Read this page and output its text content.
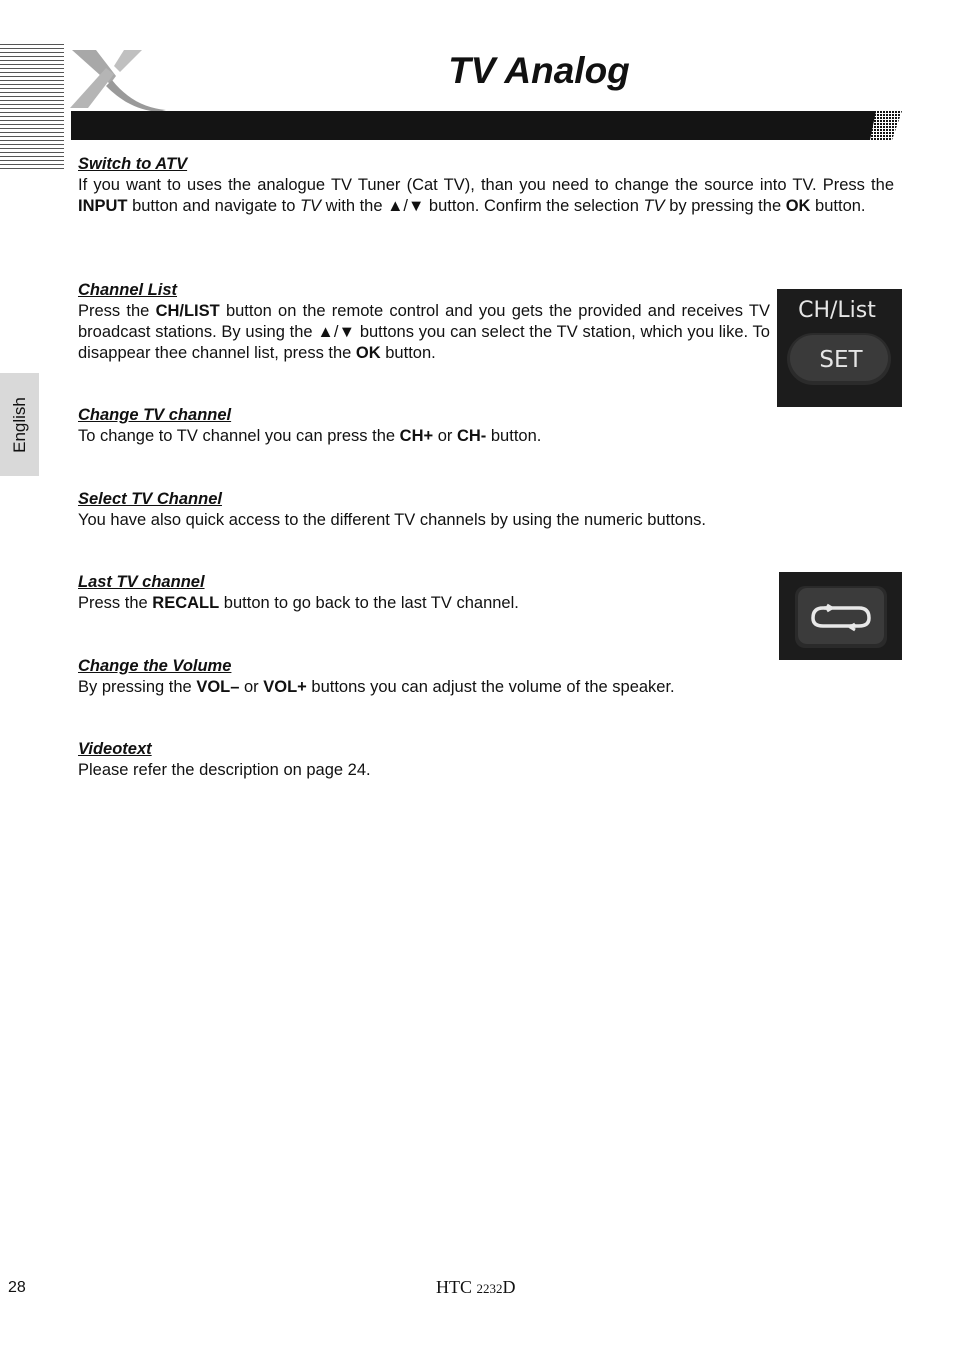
TV Analog
English

Switch to ATV

If you want to uses the analogue TV Tuner (Cat TV), than you need to change the source into TV. Press the INPUT button and navigate to TV with the ▲/▼ button. Confirm the selection TV by pressing the OK button.

Channel List

Press the CH/LIST button on the remote control and you gets the provided and receives TV broadcast stations. By using the ▲/▼ buttons you can select the TV station, which you like. To disappear thee channel list, press the OK button.

CH/List
SET

Change TV channel

To change to TV channel you can press the CH+ or CH- button.

Select TV Channel

You have also quick access to the different TV channels by using the numeric buttons.

Last TV channel

Press the RECALL button to go back to the last TV channel.

Change the Volume

By pressing the VOL– or VOL+ buttons you can adjust the volume of the speaker.

Videotext

Please refer the description on page 24.

28	HTC 2232D
